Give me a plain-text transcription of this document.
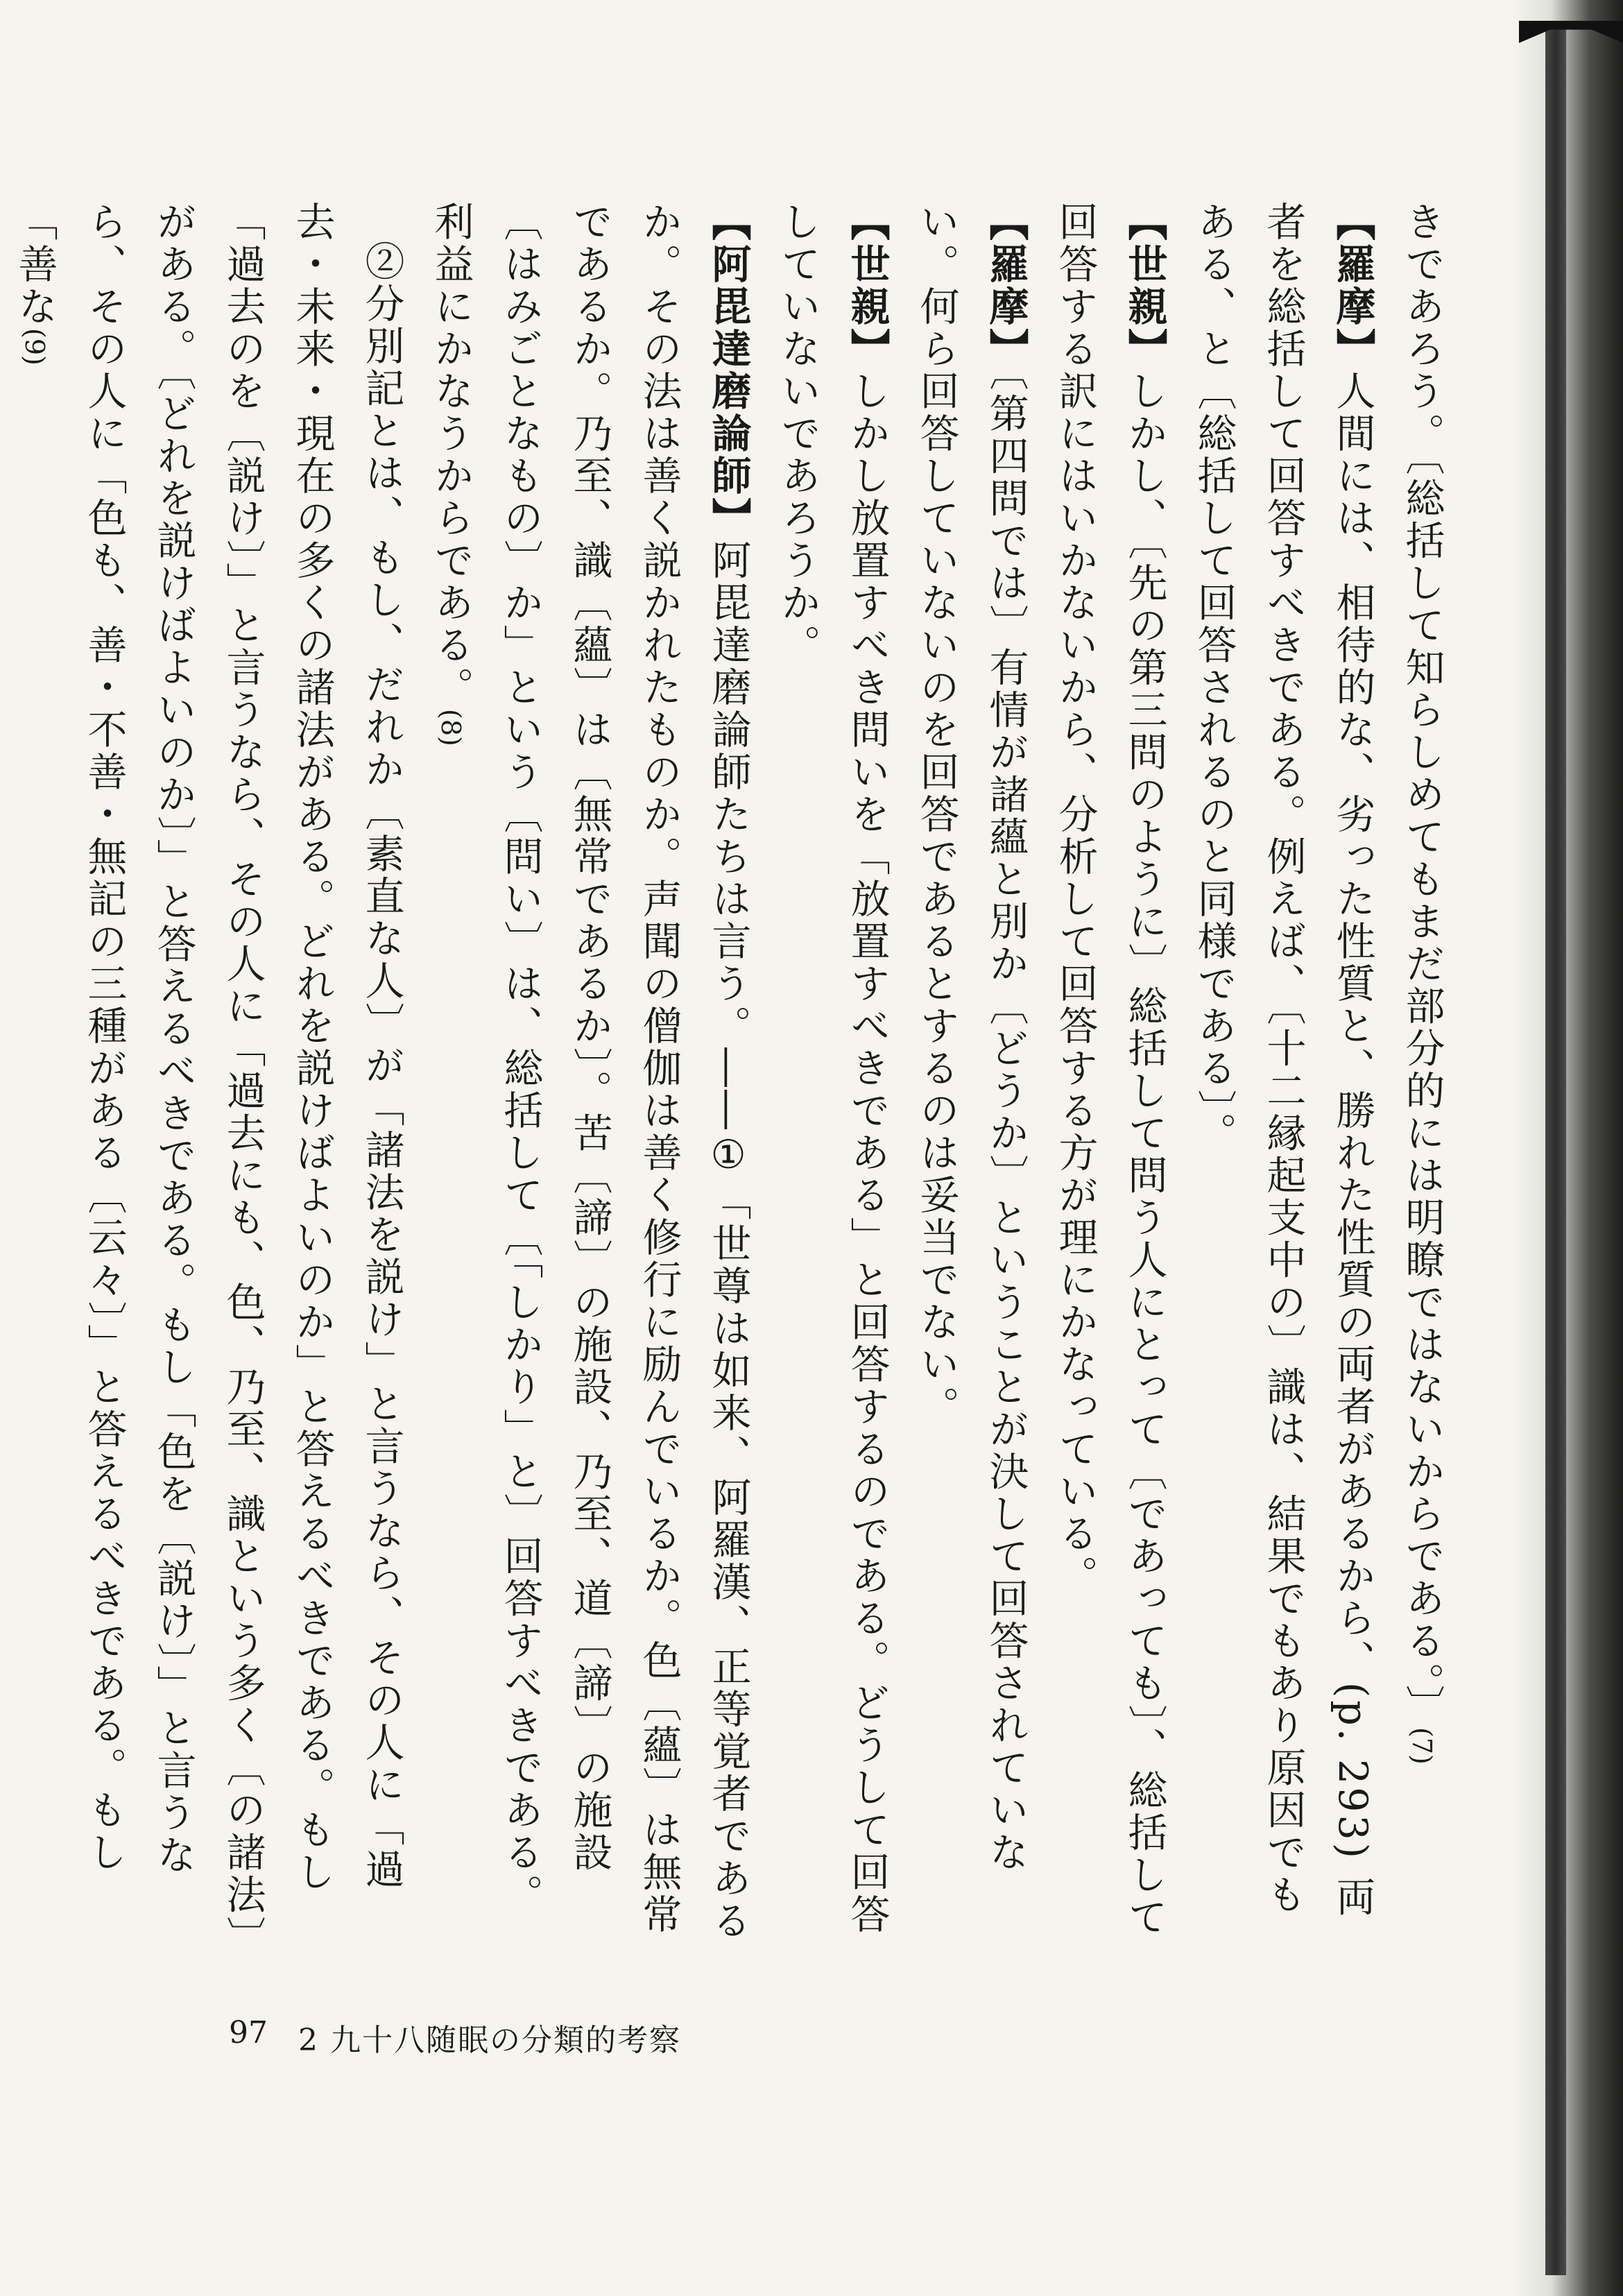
きであろう。〔総括して知らしめてもまだ部分的には明瞭ではないからである。〕(7)

【羅摩】人間には、相待的な、劣った性質と、勝れた性質の両者があるから、(p. 293) 両者を総括して回答すべきである。例えば、〔十二縁起支中の〕識は、結果でもあり原因でもある、と〔総括して回答されるのと同様である〕。

【世親】しかし、〔先の第三問のように〕総括して問う人にとって〔であっても〕、総括して回答する訳にはいかないから、分析して回答する方が理にかなっている。

【羅摩】〔第四問では〕有情が諸蘊と別か〔どうか〕ということが決して回答されていない。何ら回答していないのを回答であるとするのは妥当でない。

【世親】しかし放置すべき問いを「放置すべきである」と回答するのである。どうして回答していないであろうか。

【阿毘達磨論師】阿毘達磨論師たちは言う。――①「世尊は如来、阿羅漢、正等覚者であるか。その法は善く説かれたものか。声聞の僧伽は善く修行に励んでいるか。色〔蘊〕は無常であるか。乃至、識〔蘊〕は〔無常であるか〕。苦〔諦〕の施設、乃至、道〔諦〕の施設〔はみごとなもの〕か」という〔問い〕は、総括して〔「しかり」と〕回答すべきである。利益にかなうからである。(8)

②分別記とは、もし、だれか〔素直な人〕が「諸法を説け」と言うなら、その人に「過去・未来・現在の多くの諸法がある。どれを説けばよいのか」と答えるべきである。もし「過去のを〔説け〕」と言うなら、その人に「過去にも、色、乃至、識という多く〔の諸法〕がある。〔どれを説けばよいのか〕」と答えるべきである。もし「色を〔説け〕」と言うなら、その人に「色も、善・不善・無記の三種がある〔云々〕」と答えるべきである。もし「善な(9)

97 2 九十八随眠の分類的考察
